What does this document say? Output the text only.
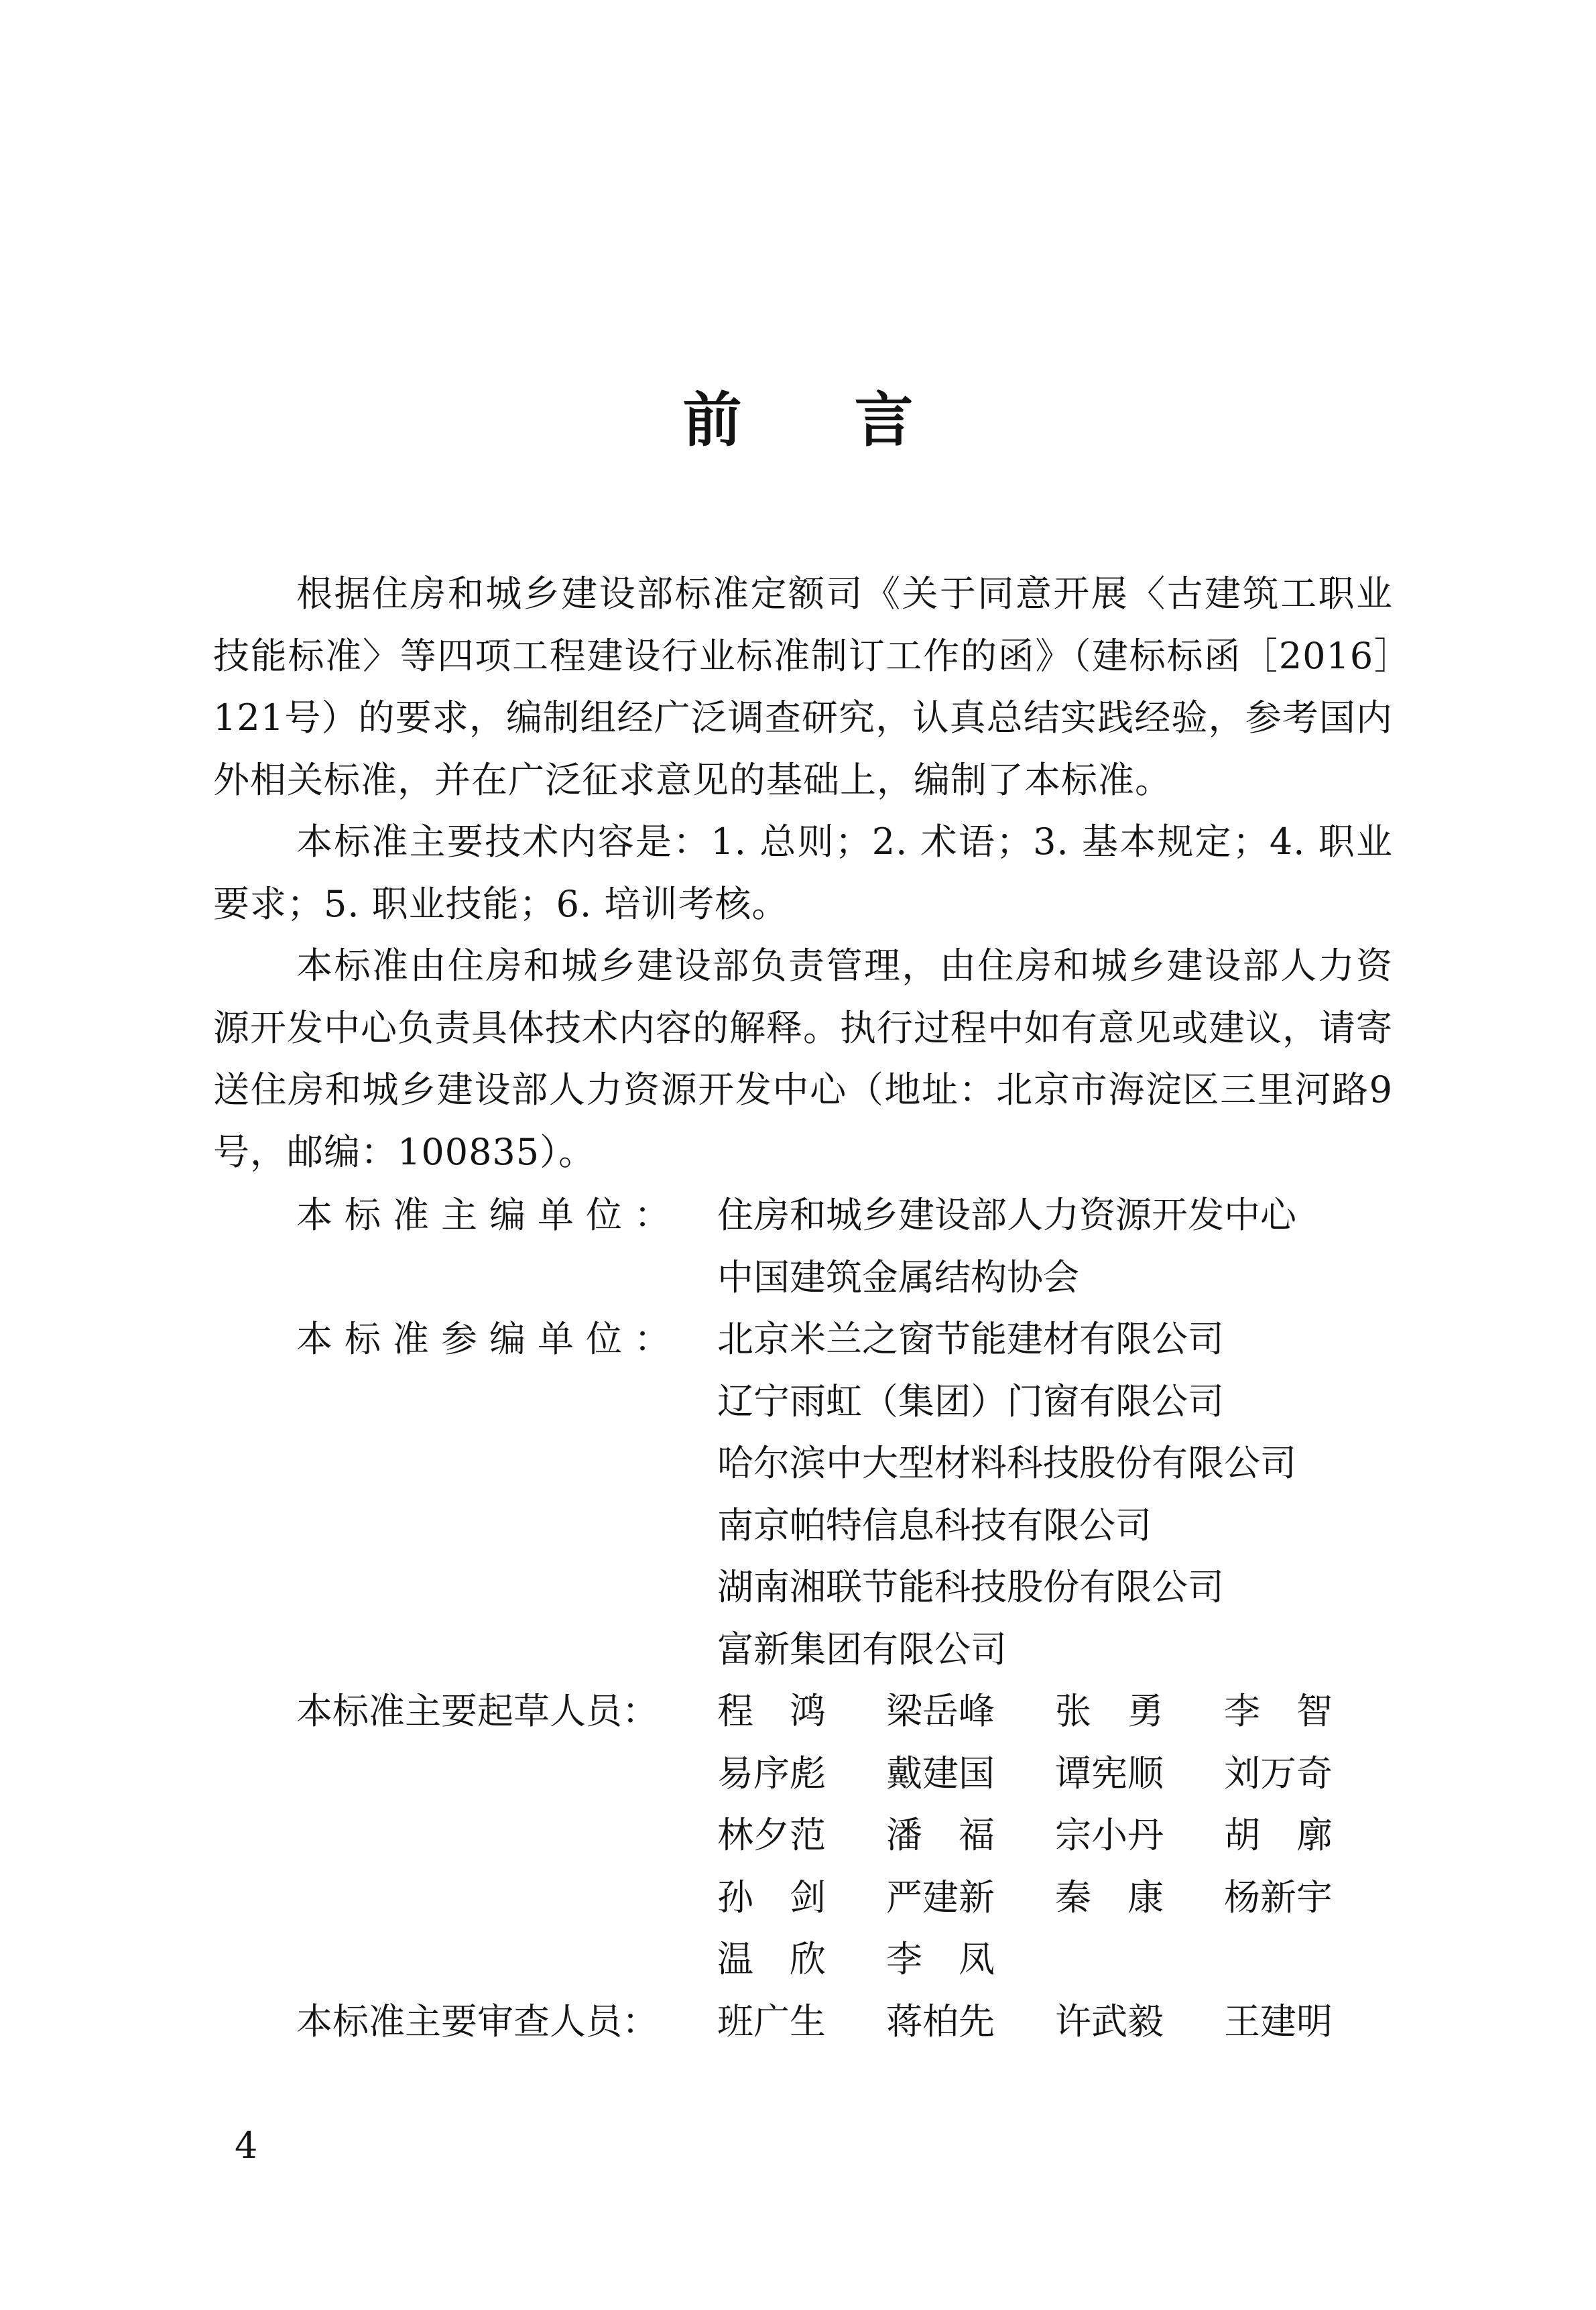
前 言

根据住房和城乡建设部标准定额司《关于同意开展〈古建筑工职业技能标准〉等四项工程建设行业标准制订工作的函》（建标标函［2016］121号）的要求，编制组经广泛调查研究，认真总结实践经验，参考国内外相关标准，并在广泛征求意见的基础上，编制了本标准。

本标准主要技术内容是：1. 总则；2. 术语；3. 基本规定；4. 职业要求；5. 职业技能；6. 培训考核。

本标准由住房和城乡建设部负责管理，由住房和城乡建设部人力资源开发中心负责具体技术内容的解释。执行过程中如有意见或建议，请寄送住房和城乡建设部人力资源开发中心（地址：北京市海淀区三里河路9号，邮编：100835）。

本标准主编单位： 住房和城乡建设部人力资源开发中心
中国建筑金属结构协会
本标准参编单位： 北京米兰之窗节能建材有限公司
辽宁雨虹（集团）门窗有限公司
哈尔滨中大型材料科技股份有限公司
南京帕特信息科技有限公司
湖南湘联节能科技股份有限公司
富新集团有限公司
本标准主要起草人员：	程　鸿	梁岳峰	张　勇	李　智
易序彪	戴建国	谭宪顺	刘万奇
林夕范	潘　福	宗小丹	胡　廓
孙　剑	严建新	秦　康	杨新宇
温　欣	李　凤
本标准主要审查人员：	班广生	蒋柏先	许武毅	王建明
4
